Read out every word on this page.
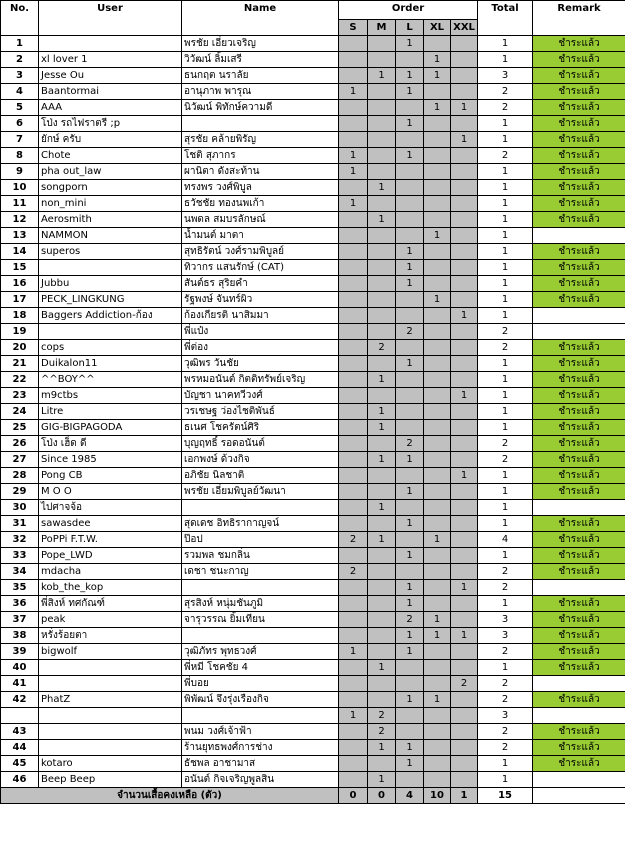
No.	User	Name	Order					Total	Remark
			S	M	L	XL	XXL		
1		พรชัย เอี่ยวเจริญ			1			1	ชำระแล้ว
2	xl lover 1	วิวัฒน์ ลิ้มเสรี				1		1	ชำระแล้ว
3	Jesse Ou	ธนกฤต นราลัย		1	1	1		3	ชำระแล้ว
4	Baantormai	อานุภาพ พารุณ	1		1			2	ชำระแล้ว
5	AAA	นิวัฒน์ พิทักษ์ความดี				1	1	2	ชำระแล้ว
6	โป่ง รถไฟราตรี ;p				1			1	ชำระแล้ว
7	ยักษ์ ครับ	สุรชัย คล้ายพิรัญ					1	1	ชำระแล้ว
8	Chote	โชติ สุภากร	1		1			2	ชำระแล้ว
9	pha out_law	ผานิตา ดังสะท้าน	1					1	ชำระแล้ว
10	songporn	ทรงพร วงศ์พิบูล		1				1	ชำระแล้ว
11	non_mini	ธวัชชัย ทองนพเก้า	1					1	ชำระแล้ว
12	Aerosmith	นพดล สมบรลักษณ์		1				1	ชำระแล้ว
13	NAMMON	น้ำมนต์ มาตา				1		1	
14	superos	สุทธิรัตน์ วงศ์รามพิบูลย์			1			1	ชำระแล้ว
15		ทิวากร แสนรักษ์ (CAT)			1			1	ชำระแล้ว
16	Jubbu	สันต์ธร สุริยคำ			1			1	ชำระแล้ว
17	PECK_LINGKUNG	รัฐพงษ์ จันทร์ผิว				1		1	ชำระแล้ว
18	Baggers Addiction-ก้อง	ก้องเกียรติ นาสิมมา					1	1	
19		พี่แป๋ง			2			2	
20	cops	พี่ต่อง		2				2	ชำระแล้ว
21	Duikalon11	วุฒิพร วันชัย			1			1	ชำระแล้ว
22	^^BOY^^	พรหมอนันต์ กิตติทรัพย์เจริญ		1				1	ชำระแล้ว
23	m9ctbs	บัญชา นาคทวีวงศ์					1	1	ชำระแล้ว
24	Litre	วรเชษฐ ว่องไชติพันธ์		1				1	ชำระแล้ว
25	GIG-BIGPAGODA	ธเนศ โชครัตน์ศิริ		1				1	ชำระแล้ว
26	โป่ง เฮ็ด ดี	บุญฤทธิ์ รอดอนันต์			2			2	ชำระแล้ว
27	Since 1985	เอกพงษ์ ด้วงกิจ		1	1			2	ชำระแล้ว
28	Pong CB	อภิชัย นิลชาติ					1	1	ชำระแล้ว
29	M O O	พรชัย เอี่ยมพิบูลย์วัฒนา			1			1	ชำระแล้ว
30	ไปศาจจ้อ			1				1	
31	sawasdee	สุดเดช อิทธิรากาญจน์			1			1	ชำระแล้ว
32	PoPPi F.T.W.	ป๊อป	2	1		1		4	ชำระแล้ว
33	Pope_LWD	รวมพล ชมกลิ่น			1			1	ชำระแล้ว
34	mdacha	เดชา ชนะกาญ	2					2	ชำระแล้ว
35	kob_the_kop				1		1	2	
36	พี่สิงห์ ทศกัณฑ์	สุรสิงห์ หนุ่มชันภูมิ			1			1	ชำระแล้ว
37	peak	จารุวรรณ ยิ้มเทียน			2	1		3	ชำระแล้ว
38	หรั่งร้อยตา				1	1	1	3	ชำระแล้ว
39	bigwolf	วุฒิภัทร พุทธวงศ์	1		1			2	ชำระแล้ว
40		พี่หมี โชคชัย 4		1				1	ชำระแล้ว
41		พี่บอย					2	2	
42	PhatZ	พิพัฒน์ จึงรุ่งเรืองกิจ			1	1		2	ชำระแล้ว
			1	2				3	
43		พนม วงศ์เจ้าฟ้า		2				2	ชำระแล้ว
44		ร้านยุทธพงศ์การช่าง		1	1			2	ชำระแล้ว
45	kotaro	ธัชพล อาชามาส			1			1	ชำระแล้ว
46	Beep Beep	อนันต์ กิจเจริญพูลสิน		1				1	
จำนวนเสื้อคงเหลือ (ตัว)			0	0	4	10	1	15	
